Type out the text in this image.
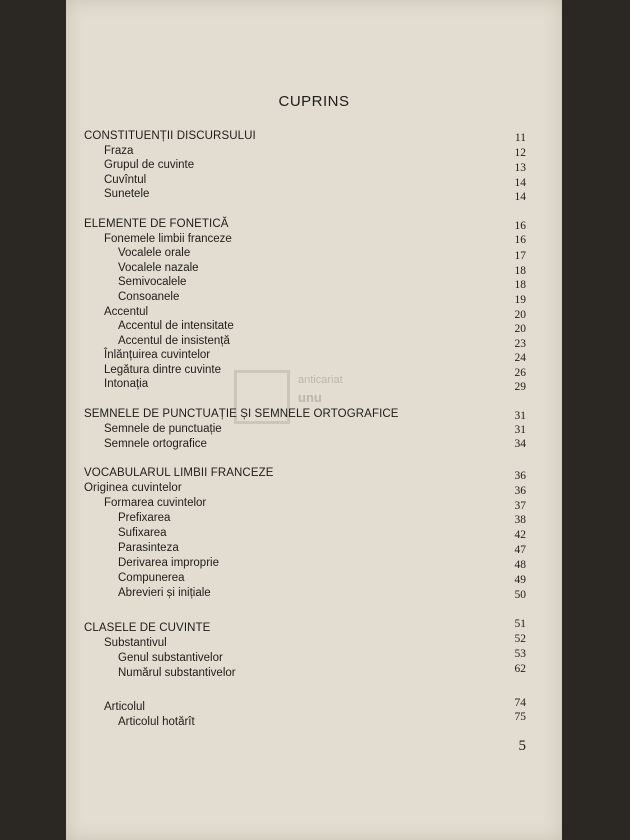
CUPRINS
anticariat
unu
CONSTITUENȚII DISCURSULUI	11
Fraza	12
Grupul de cuvinte	13
Cuvîntul	14
Sunetele	14
ELEMENTE DE FONETICĂ	16
Fonemele limbii franceze	16
Vocalele orale	17
Vocalele nazale	18
Semivocalele	18
Consoanele	19
Accentul	20
Accentul de intensitate	20
Accentul de insistență	23
Înlănțuirea cuvintelor	24
Legătura dintre cuvinte	26
Intonația	29
SEMNELE DE PUNCTUAȚIE ȘI SEMNELE ORTOGRAFICE	31
Semnele de punctuație	31
Semnele ortografice	34
VOCABULARUL LIMBII FRANCEZE	36
Originea cuvintelor	36
Formarea cuvintelor	37
Prefixarea	38
Sufixarea	42
Parasinteza	47
Derivarea improprie	48
Compunerea	49
Abrevieri și inițiale	50
CLASELE DE CUVINTE	51
Substantivul	52
Genul substantivelor	53
Numărul substantivelor	62
Articolul	74
Articolul hotărît	75
5
